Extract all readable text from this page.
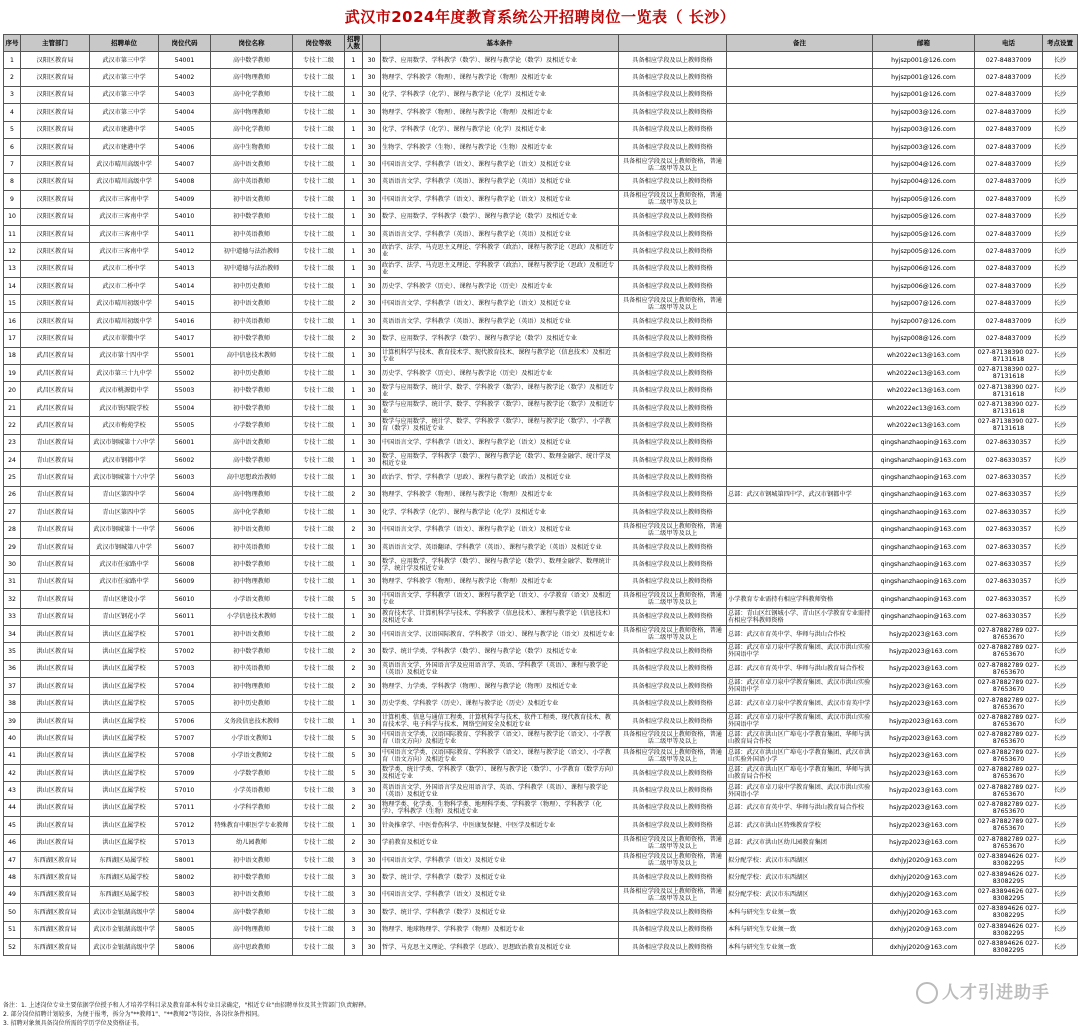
武汉市2024年度教育系统公开招聘岗位一览表（ 长沙）
序号	主管部门	招聘单位	岗位代码	岗位名称	岗位等级	招聘人数		基本条件		备注	邮箱	电话	考点设置
1	汉阳区教育局	武汉市第三中学	54001	高中数学教师	专技十二级	1	30	数学、应用数学、学科教学（数学）、课程与教学论（数学）及相近专业	具备相应学段及以上教师资格		hyjszp001@126.com	027-84837009	长沙
2	汉阳区教育局	武汉市第三中学	54002	高中物理教师	专技十二级	1	30	物理学、学科教学（物理）、课程与教学论（物理）及相近专业	具备相应学段及以上教师资格		hyjszp001@126.com	027-84837009	长沙
3	汉阳区教育局	武汉市第三中学	54003	高中化学教师	专技十二级	1	30	化学、学科教学（化学）、课程与教学论（化学）及相近专业	具备相应学段及以上教师资格		hyjszp001@126.com	027-84837009	长沙
4	汉阳区教育局	武汉市第三中学	54004	高中物理教师	专技十二级	1	30	物理学、学科教学（物理）、课程与教学论（物理）及相近专业	具备相应学段及以上教师资格		hyjszp003@126.com	027-84837009	长沙
5	汉阳区教育局	武汉市建港中学	54005	高中化学教师	专技十二级	1	30	化学、学科教学（化学）、课程与教学论（化学）及相近专业	具备相应学段及以上教师资格		hyjszp003@126.com	027-84837009	长沙
6	汉阳区教育局	武汉市建港中学	54006	高中生物教师	专技十二级	1	30	生物学、学科教学（生物）、课程与教学论（生物）及相近专业	具备相应学段及以上教师资格		hyjszp003@126.com	027-84837009	长沙
7	汉阳区教育局	武汉市晴川高级中学	54007	高中语文教师	专技十二级	1	30	中国语言文学、学科教学（语文）、课程与教学论（语文）及相近专业	具备相应学段及以上教师资格，普通话二级甲等及以上		hyjszp004@126.com	027-84837009	长沙
8	汉阳区教育局	武汉市晴川高级中学	54008	高中英语教师	专技十二级	1	30	英语语言文学、学科教学（英语）、课程与教学论（英语）及相近专业	具备相应学段及以上教师资格		hyjszp004@126.com	027-84837009	长沙
9	汉阳区教育局	武汉市三客南中学	54009	初中语文教师	专技十二级	1	30	中国语言文学、学科教学（语文）、课程与教学论（语文）及相近专业	具备相应学段及以上教师资格，普通话二级甲等及以上		hyjszp005@126.com	027-84837009	长沙
10	汉阳区教育局	武汉市三客南中学	54010	初中数学教师	专技十二级	1	30	数学、应用数学、学科教学（数学）、课程与教学论（数学）及相近专业	具备相应学段及以上教师资格		hyjszp005@126.com	027-84837009	长沙
11	汉阳区教育局	武汉市三客南中学	54011	初中英语教师	专技十二级	1	30	英语语言文学、学科教学（英语）、课程与教学论（英语）及相近专业	具备相应学段及以上教师资格		hyjszp005@126.com	027-84837009	长沙
12	汉阳区教育局	武汉市三客南中学	54012	初中道德与法治教师	专技十二级	1	30	政治学、法学、马克思主义理论、学科教学（政治）、课程与教学论（思政）及相近专业	具备相应学段及以上教师资格		hyjszp005@126.com	027-84837009	长沙
13	汉阳区教育局	武汉市二桥中学	54013	初中道德与法治教师	专技十二级	1	30	政治学、法学、马克思主义理论、学科教学（政治）、课程与教学论（思政）及相近专业	具备相应学段及以上教师资格		hyjszp006@126.com	027-84837009	长沙
14	汉阳区教育局	武汉市二桥中学	54014	初中历史教师	专技十二级	1	30	历史学、学科教学（历史）、课程与教学论（历史）及相近专业	具备相应学段及以上教师资格		hyjszp006@126.com	027-84837009	长沙
15	汉阳区教育局	武汉市晴川初级中学	54015	初中语文教师	专技十二级	2	30	中国语言文学、学科教学（语文）、课程与教学论（语文）及相近专业	具备相应学段及以上教师资格，普通话二级甲等及以上		hyjszp007@126.com	027-84837009	长沙
16	汉阳区教育局	武汉市晴川初级中学	54016	初中英语教师	专技十二级	1	30	英语语言文学、学科教学（英语）、课程与教学论（英语）及相近专业	具备相应学段及以上教师资格		hyjszp007@126.com	027-84837009	长沙
17	汉阳区教育局	武汉市翠微中学	54017	初中数学教师	专技十二级	2	30	数学、应用数学、学科教学（数学）、课程与教学论（数学）及相近专业	具备相应学段及以上教师资格		hyjszp008@126.com	027-84837009	长沙
18	武昌区教育局	武汉市第十四中学	55001	高中信息技术教师	专技十二级	1	30	计算机科学与技术、教育技术学、现代教育技术、课程与教学论（信息技术）及相近专业	具备相应学段及以上教师资格		wh2022ec13@163.com	027-87138390 027-87131618	长沙
19	武昌区教育局	武汉市第三十九中学	55002	初中历史教师	专技十二级	1	30	历史学、学科教学（历史）、课程与教学论（历史）及相近专业	具备相应学段及以上教师资格		wh2022ec13@163.com	027-87138390 027-87131618	长沙
20	武昌区教育局	武汉市桃源街中学	55003	初中数学教师	专技十二级	1	30	数学与应用数学、统计学、数学、学科教学（数学）、课程与教学论（数学）及相近专业	具备相应学段及以上教师资格		wh2022ec13@163.com	027-87138390 027-87131618	长沙
21	武昌区教育局	武汉市铁四院学校	55004	初中数学教师	专技十二级	1	30	数学与应用数学、统计学、数学、学科教学（数学）、课程与教学论（数学）及相近专业	具备相应学段及以上教师资格		wh2022ec13@163.com	027-87138390 027-87131618	长沙
22	武昌区教育局	武汉市梅苑学校	55005	小学数学教师	专技十二级	1	30	数学与应用数学、统计学、数学、学科教学（数学）、课程与教学论（数学）、小学教育（数学）及相近专业	具备相应学段及以上教师资格		wh2022ec13@163.com	027-87138390 027-87131618	长沙
23	青山区教育局	武汉市钢城第十六中学	56001	高中语文教师	专技十二级	1	30	中国语言文学、学科教学（语文）、课程与教学论（语文）及相近专业	具备相应学段及以上教师资格		qingshanzhaopin@163.com	027-86330357	长沙
24	青山区教育局	武汉市钢都中学	56002	高中数学教师	专技十二级	1	30	数学、应用数学、学科教学（数学）、课程与教学论（数学）、数理金融学、统计学及相近专业	具备相应学段及以上教师资格		qingshanzhaopin@163.com	027-86330357	长沙
25	青山区教育局	武汉市钢城第十六中学	56003	高中思想政治教师	专技十二级	1	30	政治学、哲学、学科教学（思政）、课程与教学论（政治）及相近专业	具备相应学段及以上教师资格		qingshanzhaopin@163.com	027-86330357	长沙
26	青山区教育局	青山区第四中学	56004	高中物理教师	专技十二级	2	30	物理学、学科教学（物理）、课程与教学论（物理）及相近专业	具备相应学段及以上教师资格	总部：武汉市钢城第四中学、武汉市钢都中学	qingshanzhaopin@163.com	027-86330357	长沙
27	青山区教育局	青山区第四中学	56005	高中化学教师	专技十二级	1	30	化学、学科教学（化学）、课程与教学论（化学）及相近专业	具备相应学段及以上教师资格		qingshanzhaopin@163.com	027-86330357	长沙
28	青山区教育局	武汉市钢城第十一中学	56006	初中语文教师	专技十二级	2	30	中国语言文学、学科教学（语文）、课程与教学论（语文）及相近专业	具备相应学段及以上教师资格，普通话二级甲等及以上		qingshanzhaopin@163.com	027-86330357	长沙
29	青山区教育局	武汉市钢城第八中学	56007	初中英语教师	专技十二级	1	30	英语语言文学、英语翻译、学科教学（英语）、课程与教学论（英语）及相近专业	具备相应学段及以上教师资格		qingshanzhaopin@163.com	027-86330357	长沙
30	青山区教育局	武汉市任家路中学	56008	初中数学教师	专技十二级	1	30	数学、应用数学、学科教学（数学）、课程与教学论（数学）、数理金融学、数理统计学、统计学及相近专业	具备相应学段及以上教师资格		qingshanzhaopin@163.com	027-86330357	长沙
31	青山区教育局	武汉市任家路中学	56009	初中物理教师	专技十二级	1	30	物理学、学科教学（物理）、课程与教学论（物理）及相近专业	具备相应学段及以上教师资格		qingshanzhaopin@163.com	027-86330357	长沙
32	青山区教育局	青山区建设小学	56010	小学语文教师	专技十二级	5	30	中国语言文学、学科教学（语文）、课程与教学论（语文）、小学教育（语文）及相近专业	具备相应学段及以上教师资格，普通话二级甲等及以上	小学教育专业需持有相应学科教师资格	qingshanzhaopin@163.com	027-86330357	长沙
33	青山区教育局	青山区钢花小学	56011	小学信息技术教师	专技十二级	1	30	教育技术学、计算机科学与技术、学科教学（信息技术）、课程与教学论（信息技术）及相近专业	具备相应学段及以上教师资格	总部：青山区红钢城小学、青山区小学教育专业需持有相应学科教师资格	qingshanzhaopin@163.com	027-86330357	长沙
34	洪山区教育局	洪山区直属学校	57001	初中语文教师	专技十二级	2	30	中国语言文学、汉语国际教育、学科教学（语文）、课程与教学论（语文）及相近专业	具备相应学段及以上教师资格，普通话二级甲等及以上	总部：武汉市育英中学、华师与洪山合作校	hsjyzp2023@163.com	027-87882789 027-87653670	长沙
35	洪山区教育局	洪山区直属学校	57002	初中数学教师	专技十二级	2	30	数学、统计学类、学科教学（数学）、课程与教学论（数学）及相近专业	具备相应学段及以上教师资格	总部：武汉市卓刀泉中学教育集团、武汉市洪山实验外国语中学	hsjyzp2023@163.com	027-87882789 027-87653670	长沙
36	洪山区教育局	洪山区直属学校	57003	初中英语教师	专技十二级	2	30	英语语言文学、外国语言学及应用语言学、英语、学科教学（英语）、课程与教学论（英语）及相近专业	具备相应学段及以上教师资格	总部：武汉市育英中学、华师与洪山教育局合作校	hsjyzp2023@163.com	027-87882789 027-87653670	长沙
37	洪山区教育局	洪山区直属学校	57004	初中物理教师	专技十二级	2	30	物理学、力学类、学科教学（物理）、课程与教学论（物理）及相近专业	具备相应学段及以上教师资格	总部：武汉市卓刀泉中学教育集团、武汉市洪山实验外国语中学	hsjyzp2023@163.com	027-87882789 027-87653670	长沙
38	洪山区教育局	洪山区直属学校	57005	初中历史教师	专技十二级	1	30	历史学类、学科教学（历史）、课程与教学论（历史）及相近专业	具备相应学段及以上教师资格	总部：武汉市卓刀泉中学教育集团、武汉市育英中学	hsjyzp2023@163.com	027-87882789 027-87653670	长沙
39	洪山区教育局	洪山区直属学校	57006	义务段信息技术教师	专技十二级	1	30	计算机类、信息与通信工程类、计算机科学与技术、软件工程类、现代教育技术、教育技术学、电子科学与技术、网络空间安全及相近专业	具备相应学段及以上教师资格	总部：武汉市卓刀泉中学教育集团、武汉市洪山实验外国语中学	hsjyzp2023@163.com	027-87882789 027-87653670	长沙
40	洪山区教育局	洪山区直属学校	57007	小学语文教师1	专技十二级	5	30	中国语言文学类、汉语国际教育、学科教学（语文）、课程与教学论（语文）、小学教育（语文方向）及相近专业	具备相应学段及以上教师资格，普通话二级甲等及以上	总部：武汉市洪山区广埠屯小学教育集团、华师与洪山教育局合作校	hsjyzp2023@163.com	027-87882789 027-87653670	长沙
41	洪山区教育局	洪山区直属学校	57008	小学语文教师2	专技十二级	5	30	中国语言文学类、汉语国际教育、学科教学（语文）、课程与教学论（语文）、小学教育（语文方向）及相近专业	具备相应学段及以上教师资格，普通话二级甲等及以上	总部：武汉市洪山区广埠屯小学教育集团、武汉市洪山实验外国语小学	hsjyzp2023@163.com	027-87882789 027-87653670	长沙
42	洪山区教育局	洪山区直属学校	57009	小学数学教师	专技十二级	5	30	数学类、统计学类、学科教学（数学）、课程与教学论（数学）、小学教育（数学方向）及相近专业	具备相应学段及以上教师资格	总部：武汉市洪山区广埠屯小学教育集团、华师与洪山教育局合作校	hsjyzp2023@163.com	027-87882789 027-87653670	长沙
43	洪山区教育局	洪山区直属学校	57010	小学英语教师	专技十二级	3	30	英语语言文学、外国语言学及应用语言学、英语、学科教学（英语）、课程与教学论（英语）及相近专业	具备相应学段及以上教师资格	总部：武汉市卓刀泉中学教育集团、武汉市洪山实验外国语小学	hsjyzp2023@163.com	027-87882789 027-87653670	长沙
44	洪山区教育局	洪山区直属学校	57011	小学科学教师	专技十二级	2	30	物理学类、化学类、生物科学类、地理科学类、学科教学（物理）、学科教学（化学）、学科教学（生物）及相近专业	具备相应学段及以上教师资格	总部：武汉市育英中学、华师与洪山教育局合作校	hsjyzp2023@163.com	027-87882789 027-87653670	长沙
45	洪山区教育局	洪山区直属学校	57012	特殊教育中职医学专业教师	专技十二级	1	30	针灸推拿学、中医骨伤科学、中医康复保健、中医学及相近专业	具备相应学段及以上教师资格	总部：武汉市洪山区特殊教育学校	hsjyzp2023@163.com	027-87882789 027-87653670	长沙
46	洪山区教育局	洪山区直属学校	57013	幼儿园教师	专技十二级	2	30	学前教育及相近专业	具备相应学段及以上教师资格，普通话二级甲等及以上	总部：武汉市洪山区幼儿园教育集团	hsjyzp2023@163.com	027-87882789 027-87653670	长沙
47	东西湖区教育局	东西湖区局属学校	58001	初中语文教师	专技十二级	3	30	中国语言文学、学科教学（语文）及相近专业	具备相应学段及以上教师资格，普通话二级甲等及以上	拟分配学校：武汉市东西湖区	dxhjyj2020@163.com	027-83894626 027-83082295	长沙
48	东西湖区教育局	东西湖区局属学校	58002	初中数学教师	专技十二级	3	30	数学、统计学、学科教学（数学）及相近专业	具备相应学段及以上教师资格	拟分配学校：武汉市东西湖区	dxhjyj2020@163.com	027-83894626 027-83082295	长沙
49	东西湖区教育局	东西湖区局属学校	58003	初中语文教师	专技十二级	3	30	中国语言文学、学科教学（语文）及相近专业	具备相应学段及以上教师资格，普通话二级甲等及以上	拟分配学校：武汉市东西湖区	dxhjyj2020@163.com	027-83894626 027-83082295	长沙
50	东西湖区教育局	武汉市金银湖高级中学	58004	高中数学教师	专技十二级	3	30	数学、统计学、学科教学（数学）及相近专业	具备相应学段及以上教师资格	本科与研究生专业须一致	dxhjyj2020@163.com	027-83894626 027-83082295	长沙
51	东西湖区教育局	武汉市金银湖高级中学	58005	高中物理教师	专技十二级	3	30	物理学、地球物理学、学科教学（物理）及相近专业	具备相应学段及以上教师资格	本科与研究生专业须一致	dxhjyj2020@163.com	027-83894626 027-83082295	长沙
52	东西湖区教育局	武汉市金银湖高级中学	58006	高中思政教师	专技十二级	3	30	哲学、马克思主义理论、学科教学（思政）、思想政治教育及相近专业	具备相应学段及以上教师资格	本科与研究生专业须一致	dxhjyj2020@163.com	027-83894626 027-83082295	长沙
备注：1. 上述岗位专业主要依据学位授予和人才培养学科目录及教育部本科专业目录确定，"相近专业"由招聘单位及其主管部门负责解释。
2. 部分岗位招聘计划较多，为便于报考，拆分为"**教师1"、"**教师2"等岗位，各岗位条件相同。
3. 招聘对象须具备岗位所需的学历学位及资格证书。
人才引进助手
